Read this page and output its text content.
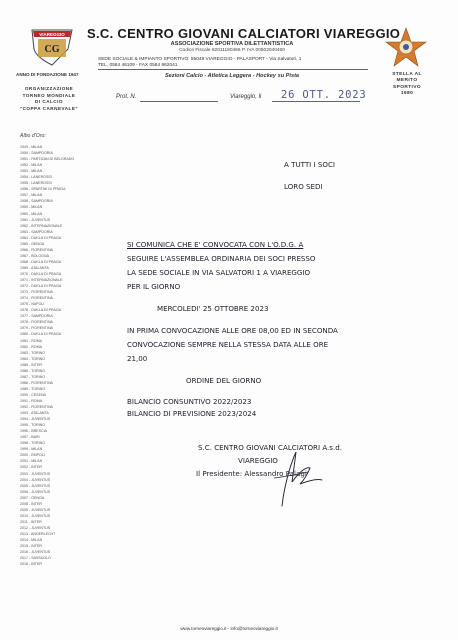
VIAREGGIO
CG
S.C. CENTRO GIOVANI CALCIATORI VIAREGGIO
ASSOCIAZIONE SPORTIVA DILETTANTISTICA
Codice Fiscale 82011190466 P. IVA 00502040460
SEDE SOCIALE & IMPIANTO SPORTIVO: 55049 VIAREGGIO - PALASPORT - Via Salvatori, 1
TEL. 0584 46109 - FAX 0584 962041
Sezioni Calcio - Atletica Leggera - Hockey su Pista
ANNO DI FONDAZIONE 1947
ORGANIZZAZIONE
TORNEO MONDIALE
DI CALCIO
"COPPA CARNEVALE"
STELLA AL
MERITO
SPORTIVO
1980
Prot. N.	Viareggio, li 26 OTT. 2023
Albo d'Oro:
1949 - MILAN
1950 - SAMPDORIA
1951 - PARTIZAN DI BELGRADO
1952 - MILAN
1953 - MILAN
1954 - LANEROSSI
1955 - LANEROSSI
1956 - SPARTAK DI PRAGA
1957 - MILAN
1958 - SAMPDORIA
1959 - MILAN
1960 - MILAN
1961 - JUVENTUS
1962 - INTERNAZIONALE
1963 - SAMPDORIA
1964 - DUKLA DI PRAGA
1965 - GENOA
1966 - FIORENTINA
1967 - BOLOGNA
1968 - DUKLA DI PRAGA
1969 - ATALANTA
1970 - DUKLA DI PRAGA
1971 - INTERNAZIONALE
1972 - DUKLA DI PRAGA
1973 - FIORENTINA
1974 - FIORENTINA
1975 - NAPOLI
1976 - DUKLA DI PRAGA
1977 - SAMPDORIA
1978 - FIORENTINA
1979 - FIORENTINA
1980 - DUKLA DI PRAGA
1981 - ROMA
1982 - ROMA
1983 - TORINO
1984 - TORINO
1985 - INTER
1986 - TORINO
1987 - TORINO
1988 - FIORENTINA
1989 - TORINO
1990 - CESENA
1991 - ROMA
1992 - FIORENTINA
1993 - ATALANTA
1994 - JUVENTUS
1995 - TORINO
1996 - BRESCIA
1997 - BARI
1998 - TORINO
1999 - MILAN
2000 - EMPOLI
2001 - MILAN
2002 - INTER
2003 - JUVENTUS
2004 - JUVENTUS
2005 - JUVENTUS
2006 - JUVENTUS
2007 - GENOA
2008 - INTER
2009 - JUVENTUS
2010 - JUVENTUS
2011 - INTER
2012 - JUVENTUS
2013 - ANDERLECHT
2014 - MILAN
2015 - INTER
2016 - JUVENTUS
2017 - SASSUOLO
2018 - INTER
A TUTTI I SOCI
LORO SEDI
SI COMUNICA CHE E' CONVOCATA CON L'O.D.G. A
SEGUIRE L'ASSEMBLEA ORDINARIA DEI SOCI PRESSO
LA SEDE SOCIALE IN VIA SALVATORI 1 A VIAREGGIO
PER IL GIORNO
MERCOLEDI' 25 OTTOBRE 2023
IN PRIMA CONVOCAZIONE ALLE ORE 08,00 ED IN SECONDA
CONVOCAZIONE SEMPRE NELLA STESSA DATA ALLE ORE
21,00
ORDINE DEL GIORNO
BILANCIO CONSUNTIVO 2022/2023
BILANCIO DI PREVISIONE 2023/2024
S.C. CENTRO GIOVANI CALCIATORI A.s.d.
VIAREGGIO
Il Presidente: Alessandro Palagi
www.torneoviareggio.it - info@torneoviareggio.it
